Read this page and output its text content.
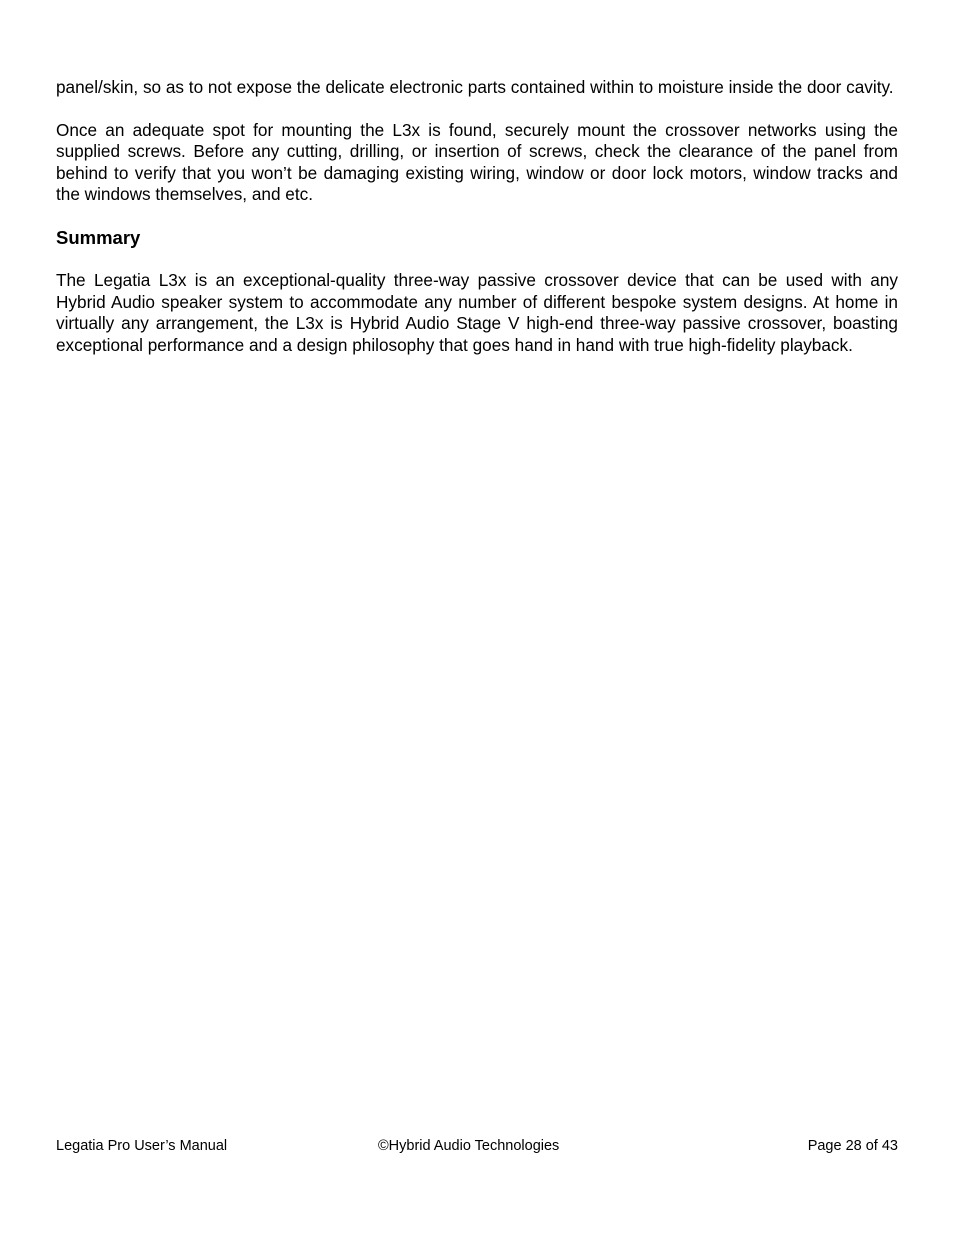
panel/skin, so as to not expose the delicate electronic parts contained within to moisture inside the door cavity.

Once an adequate spot for mounting the L3x is found, securely mount the crossover networks using the supplied screws. Before any cutting, drilling, or insertion of screws, check the clearance of the panel from behind to verify that you won’t be damaging existing wiring, window or door lock motors, window tracks and the windows themselves, and etc.

Summary

The Legatia L3x is an exceptional-quality three-way passive crossover device that can be used with any Hybrid Audio speaker system to accommodate any number of different bespoke system designs. At home in virtually any arrangement, the L3x is Hybrid Audio Stage V high-end three-way passive crossover, boasting exceptional performance and a design philosophy that goes hand in hand with true high-fidelity playback.

Legatia Pro User’s Manual	©Hybrid Audio Technologies	Page 28 of 43
